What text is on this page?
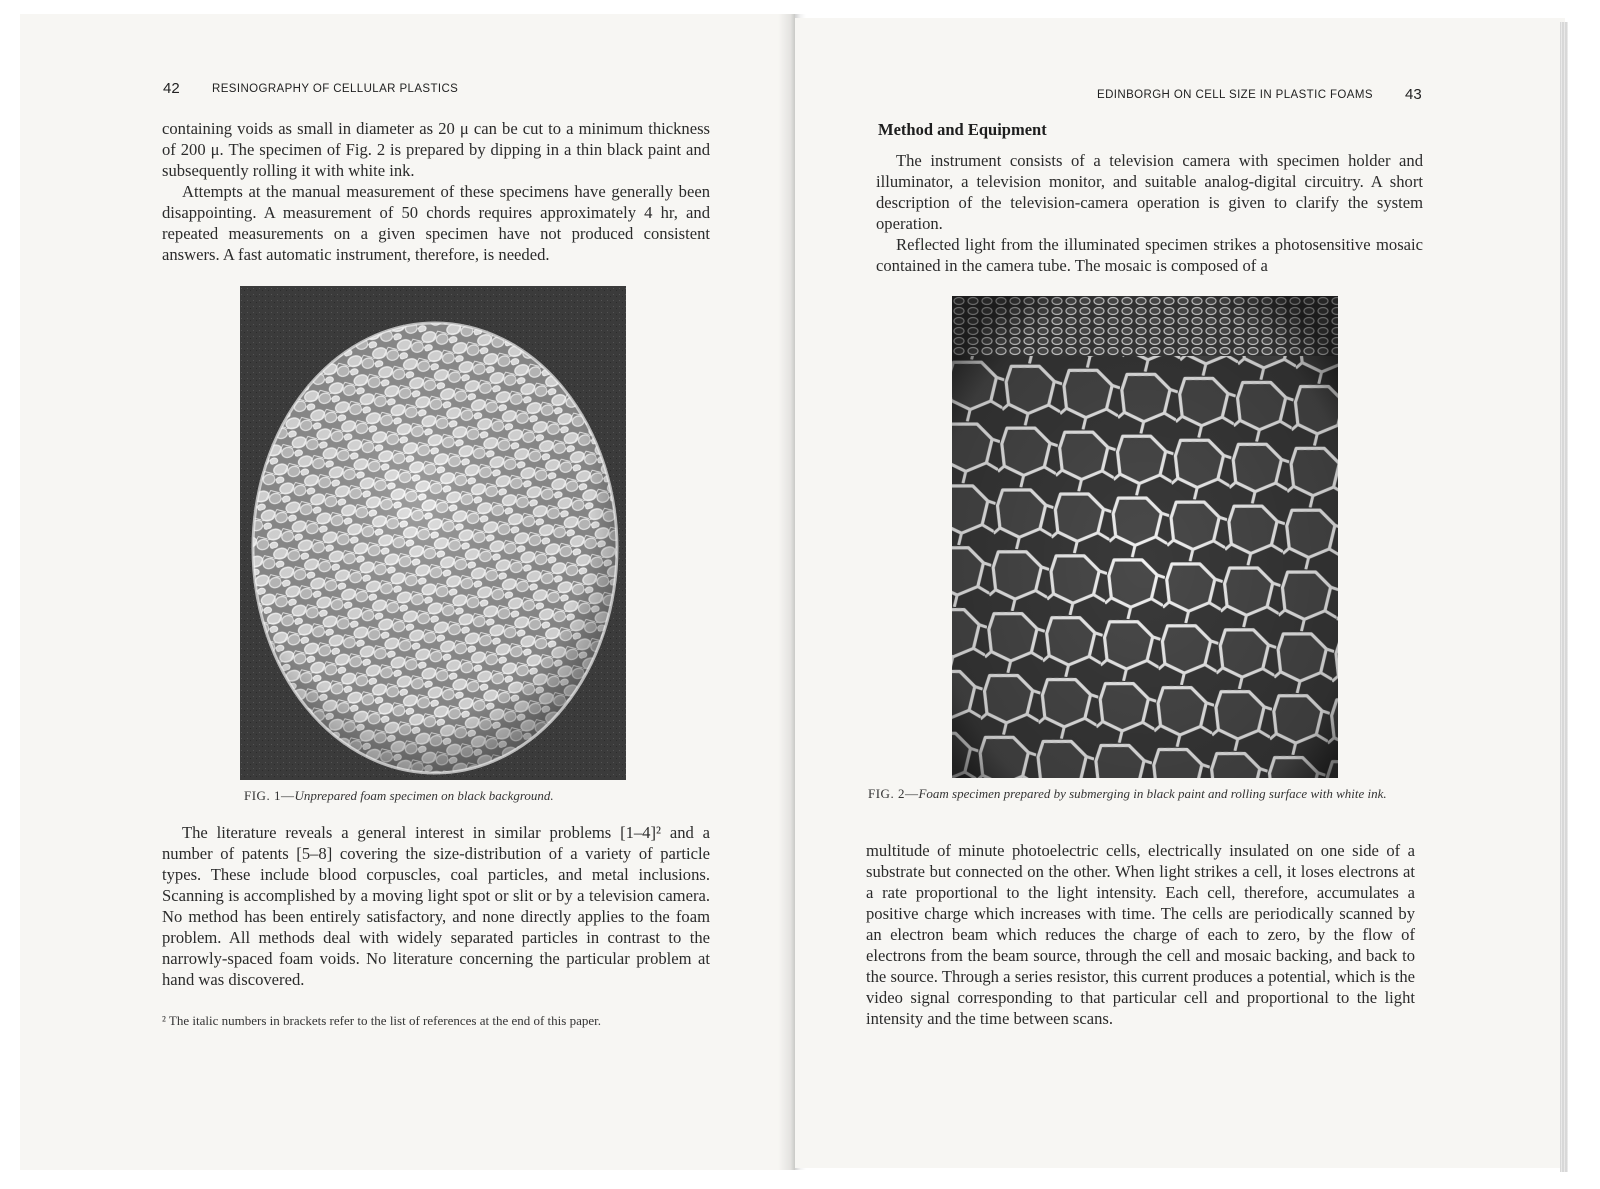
42	RESINOGRAPHY OF CELLULAR PLASTICS

containing voids as small in diameter as 20 μ can be cut to a minimum thickness of 200 μ. The specimen of Fig. 2 is prepared by dipping in a thin black paint and subsequently rolling it with white ink.

Attempts at the manual measurement of these specimens have generally been disappointing. A measurement of 50 chords requires approximately 4 hr, and repeated measurements on a given specimen have not produced consistent answers. A fast automatic instrument, therefore, is needed.

FIG. 1—Unprepared foam specimen on black background.

The literature reveals a general interest in similar problems [1–4]² and a number of patents [5–8] covering the size-distribution of a variety of particle types. These include blood corpuscles, coal particles, and metal inclusions. Scanning is accomplished by a moving light spot or slit or by a television camera. No method has been entirely satisfactory, and none directly applies to the foam problem. All methods deal with widely separated particles in contrast to the narrowly-spaced foam voids. No literature concerning the particular problem at hand was discovered.

² The italic numbers in brackets refer to the list of references at the end of this paper.
EDINBORGH ON CELL SIZE IN PLASTIC FOAMS 43
Method and Equipment

The instrument consists of a television camera with specimen holder and illuminator, a television monitor, and suitable analog-digital circuitry. A short description of the television-camera operation is given to clarify the system operation.

Reflected light from the illuminated specimen strikes a photosensitive mosaic contained in the camera tube. The mosaic is composed of a

FIG. 2—Foam specimen prepared by submerging in black paint and rolling surface with white ink.

multitude of minute photoelectric cells, electrically insulated on one side of a substrate but connected on the other. When light strikes a cell, it loses electrons at a rate proportional to the light intensity. Each cell, therefore, accumulates a positive charge which increases with time. The cells are periodically scanned by an electron beam which reduces the charge of each to zero, by the flow of electrons from the beam source, through the cell and mosaic backing, and back to the source. Through a series resistor, this current produces a potential, which is the video signal corresponding to that particular cell and proportional to the light intensity and the time between scans.
